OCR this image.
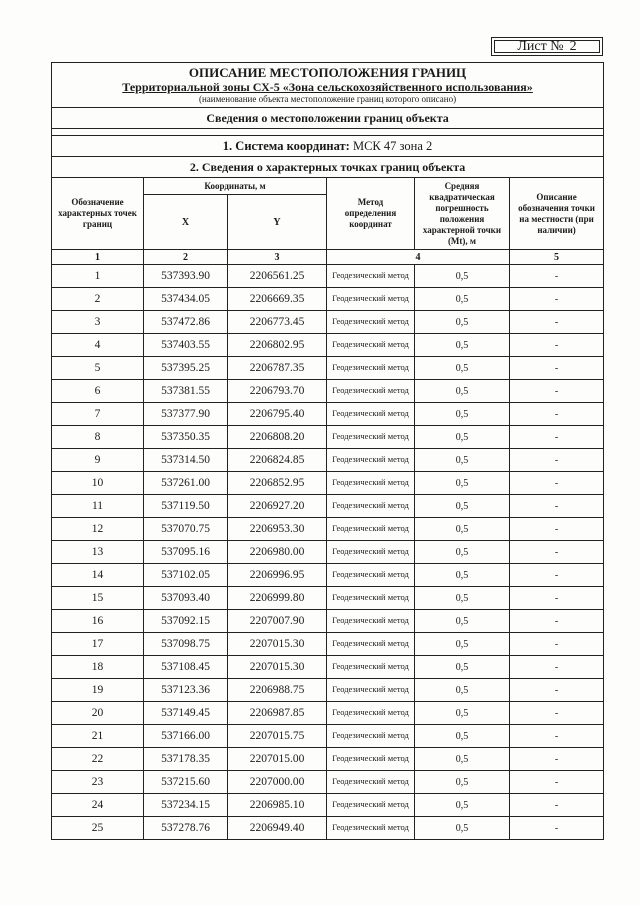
Лист № 2
ОПИСАНИЕ МЕСТОПОЛОЖЕНИЯ ГРАНИЦ
Территориальной зоны СХ-5 «Зона сельскохозяйственного использования»
(наименование объекта местоположение границ которого описано)					

Сведения о местоположении границ объекта					

1. Система координат: МСК 47 зона 2					
2. Сведения о характерных точках границ объекта					
Обозначение характерных точек границ	Координаты, м		Метод определения координат	Средняя квадратическая погрешность положения характерной точки (Mt), м	Описание обозначения точки на местности (при наличии)
	X	Y			
1	2	3	4		5
1	537393.90	2206561.25	Геодезический метод	0,5	-
2	537434.05	2206669.35	Геодезический метод	0,5	-
3	537472.86	2206773.45	Геодезический метод	0,5	-
4	537403.55	2206802.95	Геодезический метод	0,5	-
5	537395.25	2206787.35	Геодезический метод	0,5	-
6	537381.55	2206793.70	Геодезический метод	0,5	-
7	537377.90	2206795.40	Геодезический метод	0,5	-
8	537350.35	2206808.20	Геодезический метод	0,5	-
9	537314.50	2206824.85	Геодезический метод	0,5	-
10	537261.00	2206852.95	Геодезический метод	0,5	-
11	537119.50	2206927.20	Геодезический метод	0,5	-
12	537070.75	2206953.30	Геодезический метод	0,5	-
13	537095.16	2206980.00	Геодезический метод	0,5	-
14	537102.05	2206996.95	Геодезический метод	0,5	-
15	537093.40	2206999.80	Геодезический метод	0,5	-
16	537092.15	2207007.90	Геодезический метод	0,5	-
17	537098.75	2207015.30	Геодезический метод	0,5	-
18	537108.45	2207015.30	Геодезический метод	0,5	-
19	537123.36	2206988.75	Геодезический метод	0,5	-
20	537149.45	2206987.85	Геодезический метод	0,5	-
21	537166.00	2207015.75	Геодезический метод	0,5	-
22	537178.35	2207015.00	Геодезический метод	0,5	-
23	537215.60	2207000.00	Геодезический метод	0,5	-
24	537234.15	2206985.10	Геодезический метод	0,5	-
25	537278.76	2206949.40	Геодезический метод	0,5	-
